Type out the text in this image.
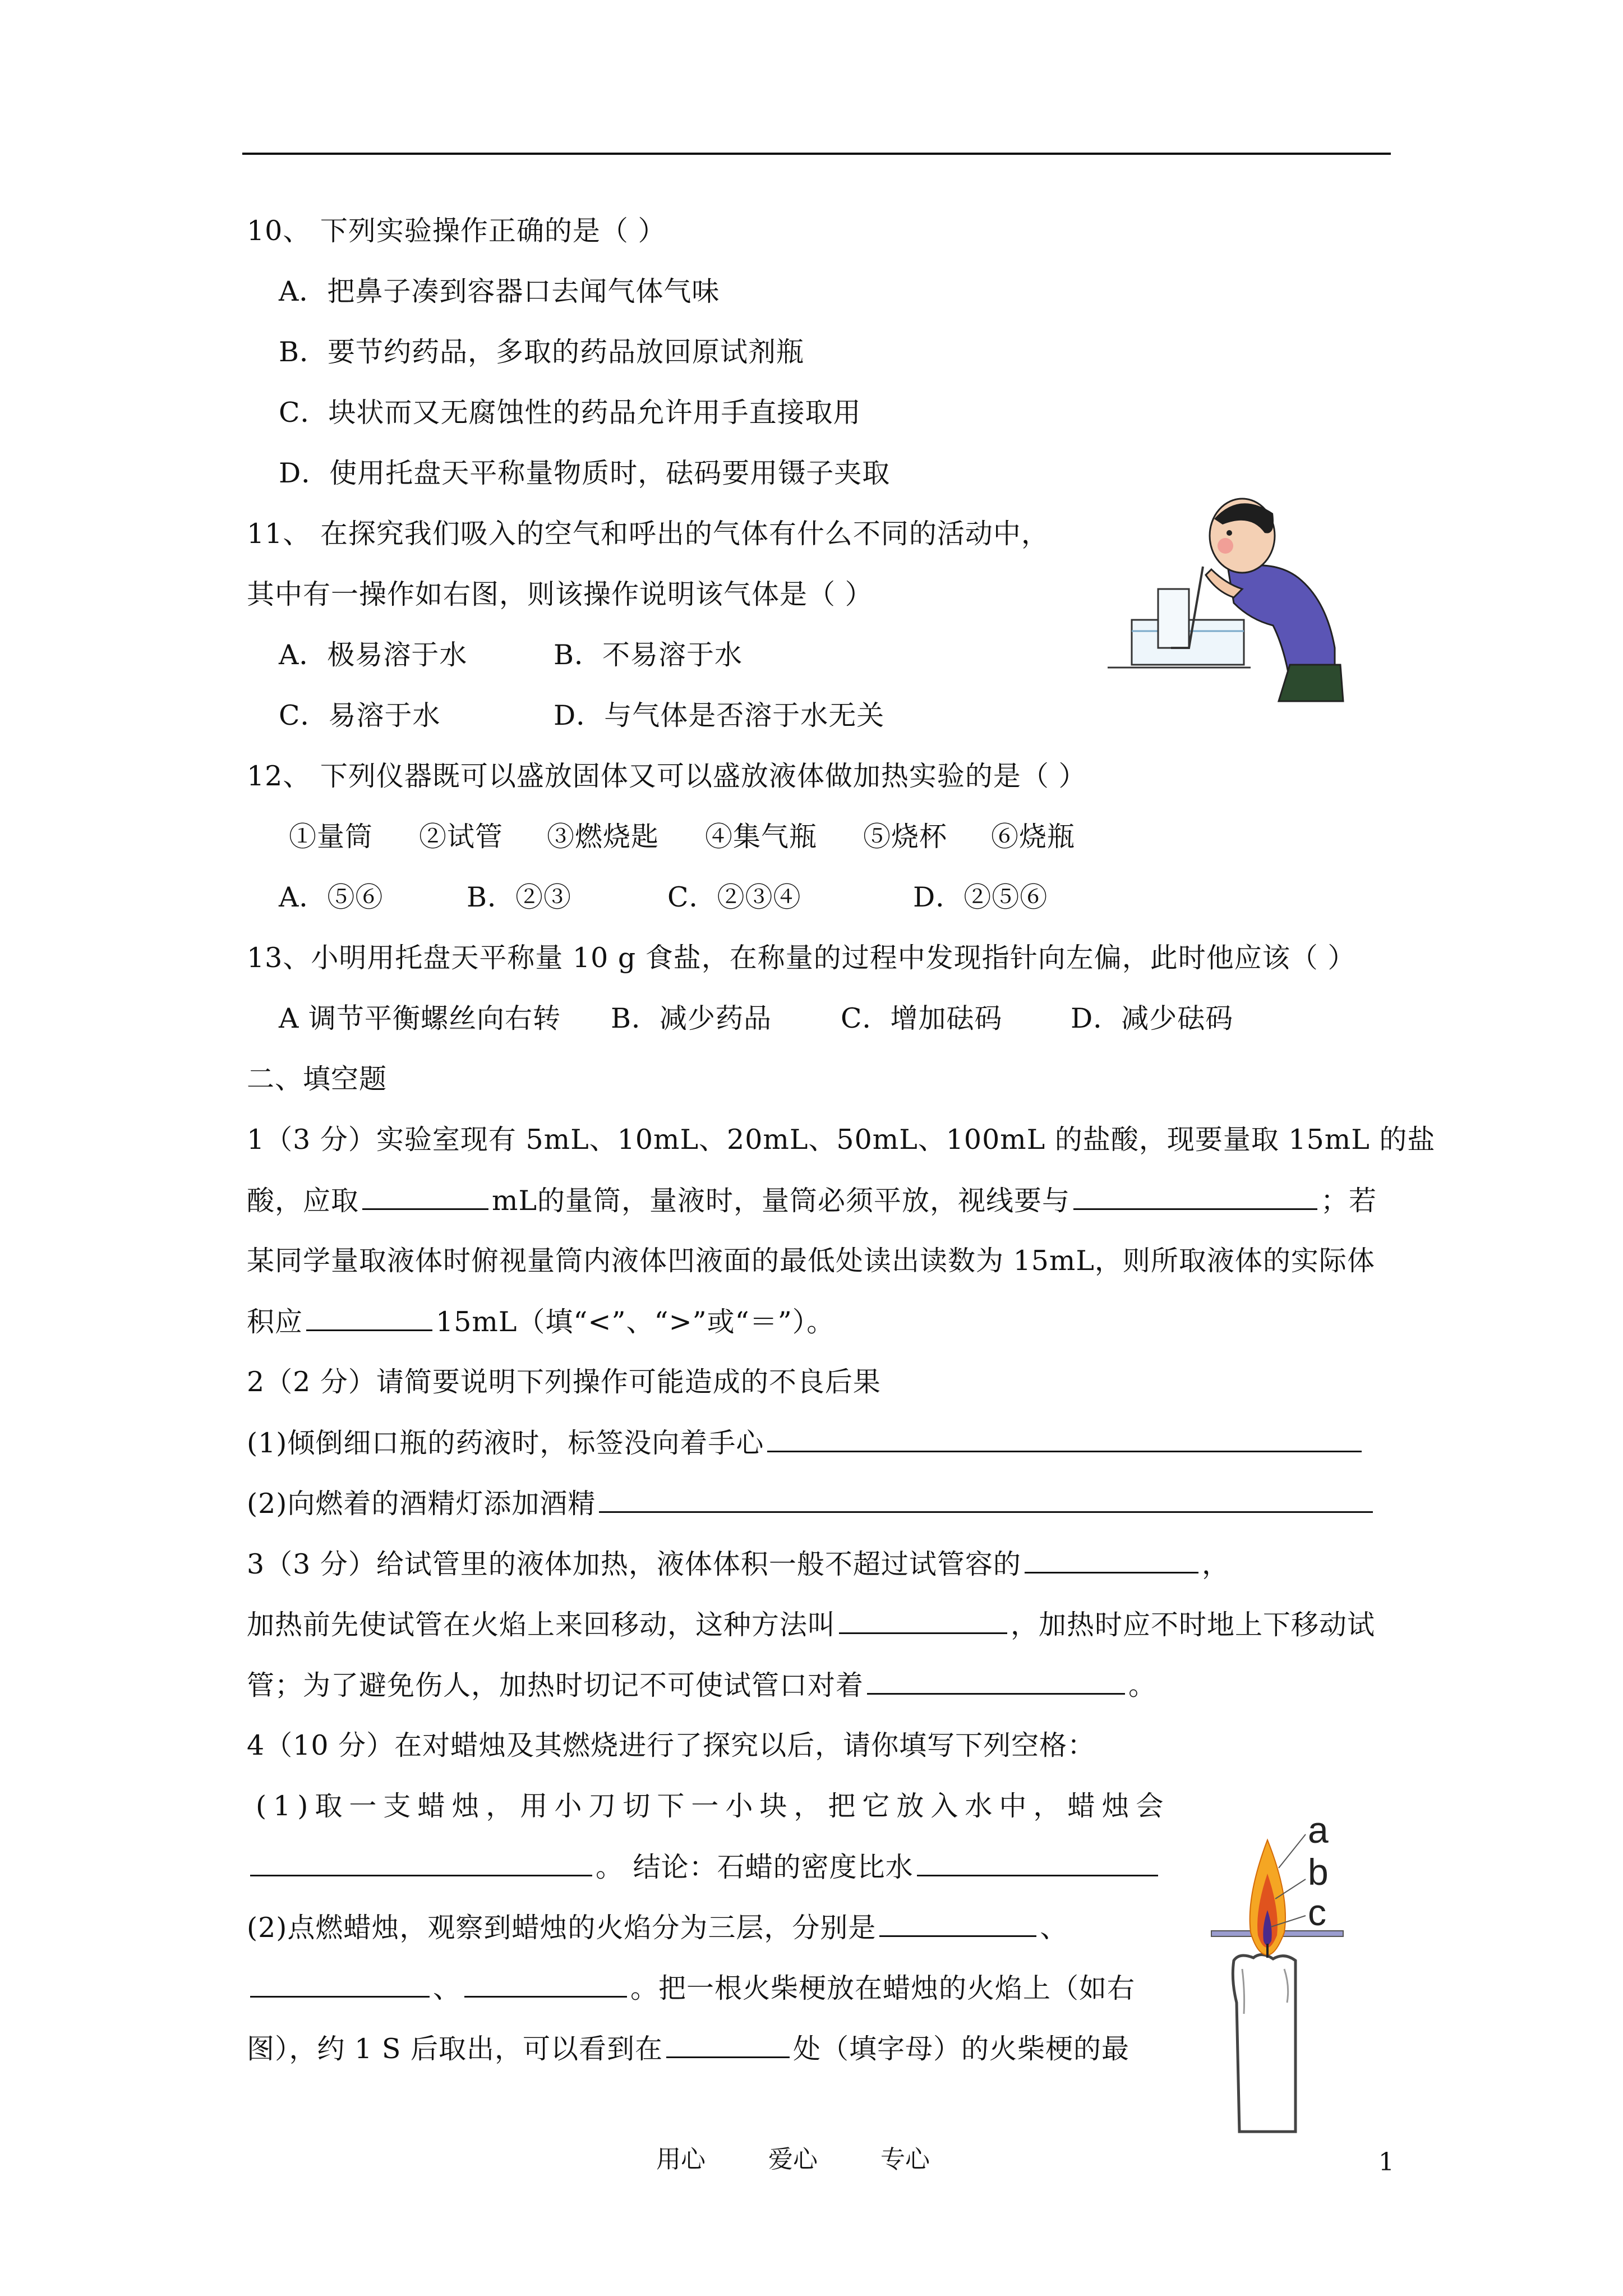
10、 下列实验操作正确的是（ ）
A．把鼻子凑到容器口去闻气体气味
B．要节约药品，多取的药品放回原试剂瓶
C．块状而又无腐蚀性的药品允许用手直接取用
D．使用托盘天平称量物质时，砝码要用镊子夹取
11、 在探究我们吸入的空气和呼出的气体有什么不同的活动中，
其中有一操作如右图，则该操作说明该气体是（ ）
A．极易溶于水	B．不易溶于水
C．易溶于水	D．与气体是否溶于水无关
12、 下列仪器既可以盛放固体又可以盛放液体做加热实验的是（ ）
①量筒 ②试管 ③燃烧匙 ④集气瓶 ⑤烧杯 ⑥烧瓶
A．⑤⑥	B．②③	C．②③④	D．②⑤⑥
13、小明用托盘天平称量 10 g 食盐，在称量的过程中发现指针向左偏，此时他应该（ ）
A 调节平衡螺丝向右转 B．减少药品	C．增加砝码 D．减少砝码
二、填空题
1（3 分）实验室现有 5mL、10mL、20mL、50mL、100mL 的盐酸，现要量取 15mL 的盐
酸，应取	mL的量筒，量液时，量筒必须平放，视线要与	；若
某同学量取液体时俯视量筒内液体凹液面的最低处读出读数为 15mL，则所取液体的实际体
积应	15mL（填“<”、“>”或“＝”）。
2（2 分）请简要说明下列操作可能造成的不良后果
(1)倾倒细口瓶的药液时，标签没向着手心
(2)向燃着的酒精灯添加酒精
3（3 分）给试管里的液体加热，液体体积一般不超过试管容的	，
加热前先使试管在火焰上来回移动，这种方法叫	，加热时应不时地上下移动试
管；为了避免伤人，加热时切记不可使试管口对着	。
4（10 分）在对蜡烛及其燃烧进行了探究以后，请你填写下列空格：
(1)取一支蜡烛，用小刀切下一小块，把它放入水中，蜡烛会
。 结论：石蜡的密度比水
(2)点燃蜡烛，观察到蜡烛的火焰分为三层，分别是	、
、	。把一根火柴梗放在蜡烛的火焰上（如右
图），约 1 S 后取出，可以看到在	处（填字母）的火柴梗的最
a
b
c
用心	爱心	专心	1
